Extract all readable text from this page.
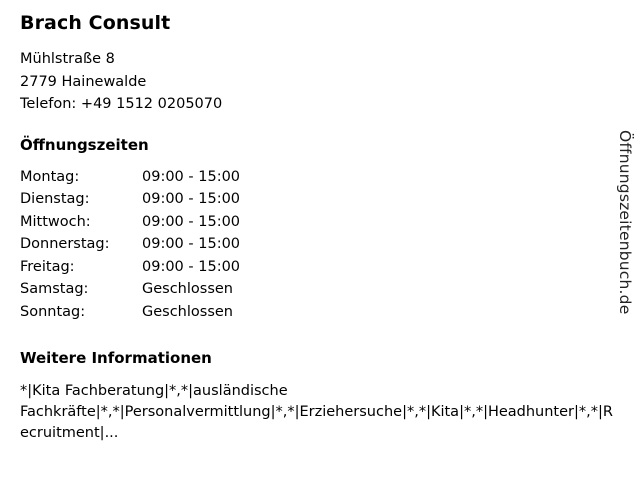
Brach Consult

Mühlstraße 8

2779 Hainewalde

Telefon: +49 1512 0205070

Öffnungszeiten
Montag:	09:00 - 15:00
Dienstag:	09:00 - 15:00
Mittwoch:	09:00 - 15:00
Donnerstag:	09:00 - 15:00
Freitag:	09:00 - 15:00
Samstag:	Geschlossen
Sonntag:	Geschlossen
Weitere Informationen

*|Kita Fachberatung|*,*|ausländische Fachkräfte|*,*|Personalvermittlung|*,*|Erziehersuche|*,*|Kita|*,*|Headhunter|*,*|Recruitment|...

Öffnungszeitenbuch.de
